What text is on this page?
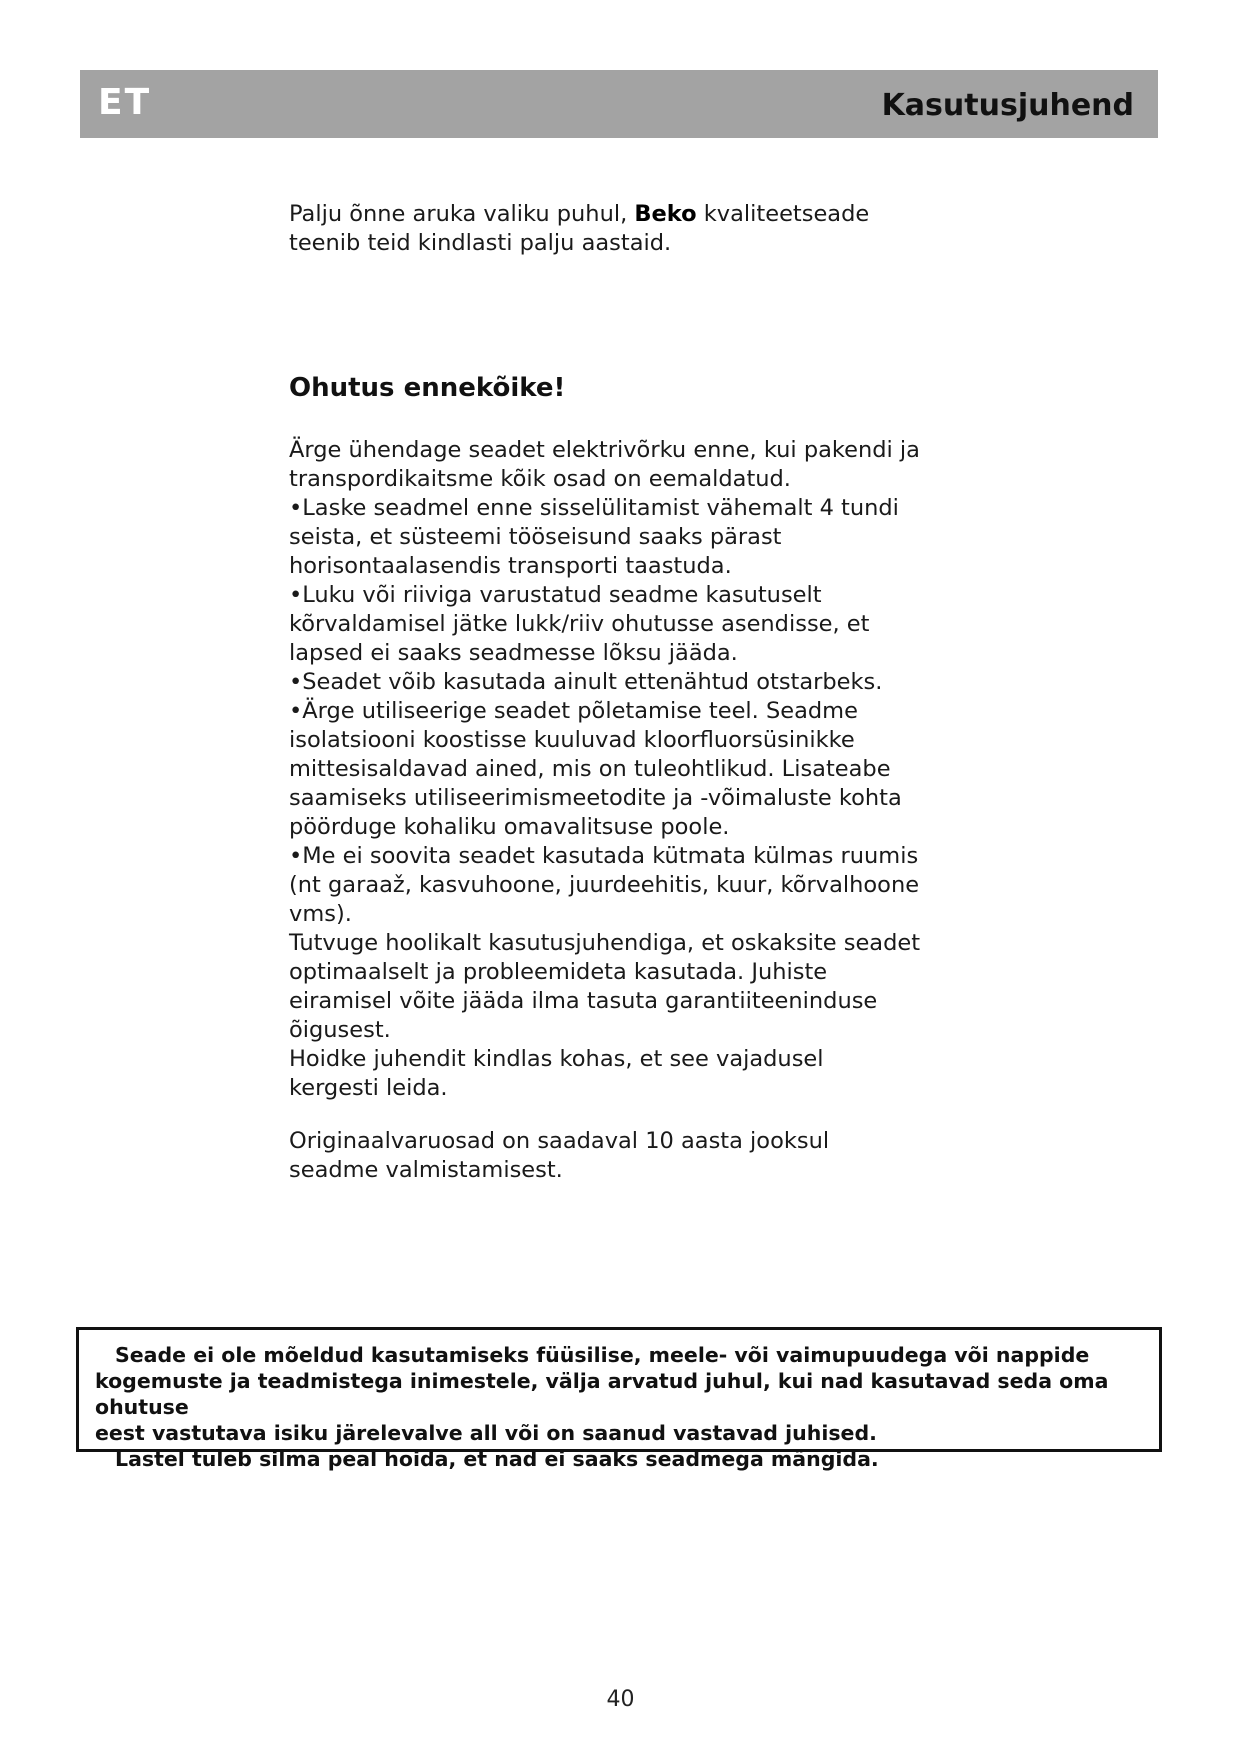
ET	Kasutusjuhend
Palju õnne aruka valiku puhul, Beko kvaliteetseade
teenib teid kindlasti palju aastaid.
Ohutus ennekõike!

Ärge ühendage seadet elektrivõrku enne, kui pakendi ja

transpordikaitsme kõik osad on eemaldatud.

•Laske seadmel enne sisselülitamist vähemalt 4 tundi

seista, et süsteemi tööseisund saaks pärast

horisontaalasendis transporti taastuda.

•Luku või riiviga varustatud seadme kasutuselt

kõrvaldamisel jätke lukk/riiv ohutusse asendisse, et

lapsed ei saaks seadmesse lõksu jääda.

•Seadet võib kasutada ainult ettenähtud otstarbeks.

•Ärge utiliseerige seadet põletamise teel. Seadme

isolatsiooni koostisse kuuluvad kloorfluorsüsinikke

mittesisaldavad ained, mis on tuleohtlikud. Lisateabe

saamiseks utiliseerimismeetodite ja -võimaluste kohta

pöörduge kohaliku omavalitsuse poole.

•Me ei soovita seadet kasutada kütmata külmas ruumis

(nt garaaž, kasvuhoone, juurdeehitis, kuur, kõrvalhoone

vms).

Tutvuge hoolikalt kasutusjuhendiga, et oskaksite seadet

optimaalselt ja probleemideta kasutada. Juhiste

eiramisel võite jääda ilma tasuta garantiiteeninduse

õigusest.

Hoidke juhendit kindlas kohas, et see vajadusel

kergesti leida.

Originaalvaruosad on saadaval 10 aasta jooksul

seadme valmistamisest.

Seade ei ole mõeldud kasutamiseks füüsilise, meele- või vaimupuudega või nappide

kogemuste ja teadmistega inimestele, välja arvatud juhul, kui nad kasutavad seda oma ohutuse

eest vastutava isiku järelevalve all või on saanud vastavad juhised.

Lastel tuleb silma peal hoida, et nad ei saaks seadmega mängida.

40
